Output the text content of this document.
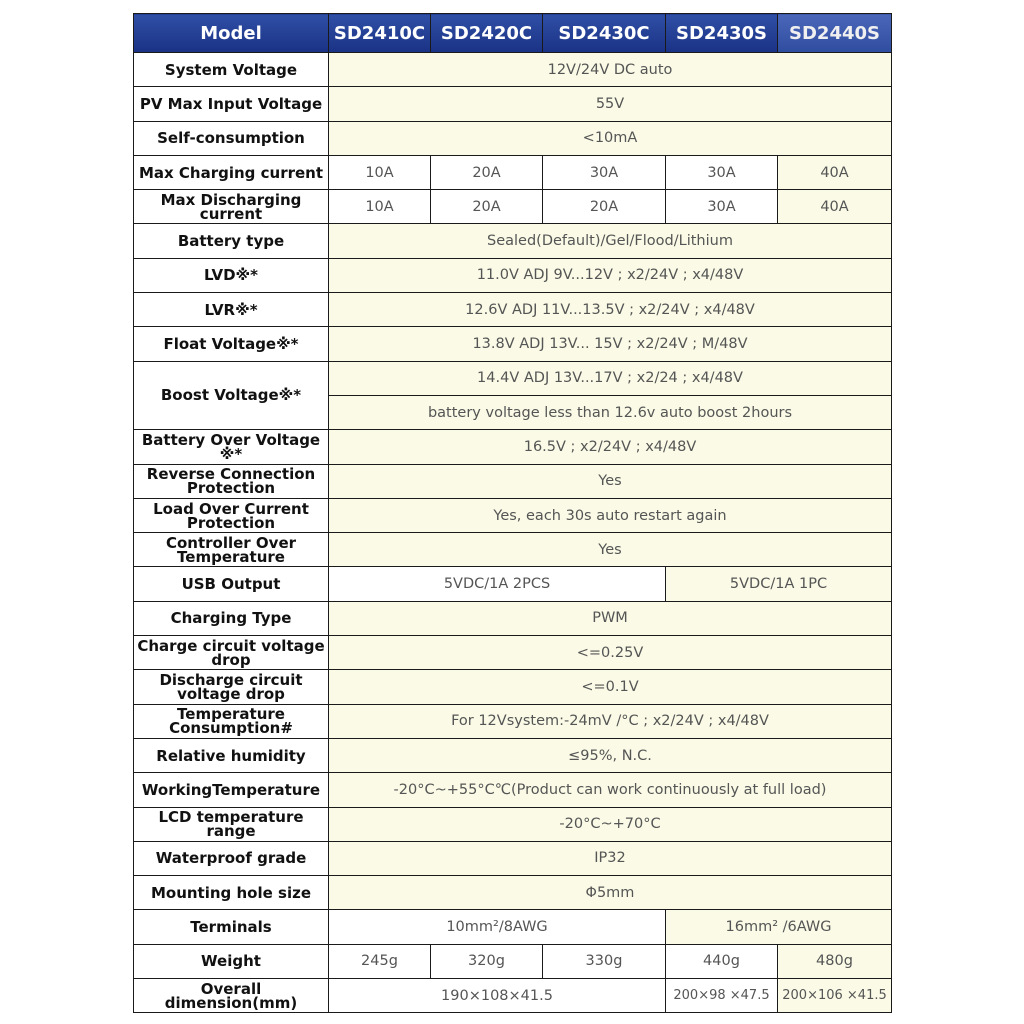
Model	SD2410C	SD2420C	SD2430C	SD2430S	SD2440S
System Voltage	12V/24V DC auto				
PV Max Input Voltage	55V				
Self-consumption	<10mA				
Max Charging current	10A	20A	30A	30A	40A
Max Discharging current	10A	20A	20A	30A	40A
Battery type	Sealed(Default)/Gel/Flood/Lithium				
LVD※*	11.0V ADJ 9V...12V ; x2/24V ; x4/48V				
LVR※*	12.6V ADJ 11V...13.5V ; x2/24V ; x4/48V				
Float Voltage※*	13.8V ADJ 13V... 15V ; x2/24V ; M/48V				
Boost Voltage※*	14.4V ADJ 13V...17V ; x2/24 ; x4/48V				
	battery voltage less than 12.6v auto boost 2hours				
Battery Over Voltage ※*	16.5V ; x2/24V ; x4/48V				
Reverse Connection Protection	Yes				
Load Over Current Protection	Yes, each 30s auto restart again				
Controller Over Temperature	Yes				
USB Output	5VDC/1A 2PCS			5VDC/1A 1PC	
Charging Type	PWM				
Charge circuit voltage drop	<=0.25V				
Discharge circuit voltage drop	<=0.1V				
Temperature Consumption#	For 12Vsystem:-24mV /°C ; x2/24V ; x4/48V				
Relative humidity	≤95%, N.C.				
WorkingTemperature	-20°C~+55°C℃(Product can work continuously at full load)				
LCD temperature range	-20°C~+70°C				
Waterproof grade	IP32				
Mounting hole size	Φ5mm				
Terminals	10mm²/8AWG			16mm² /6AWG	
Weight	245g	320g	330g	440g	480g
Overall dimension(mm)	190×108×41.5			200×98 ×47.5	200×106 ×41.5
